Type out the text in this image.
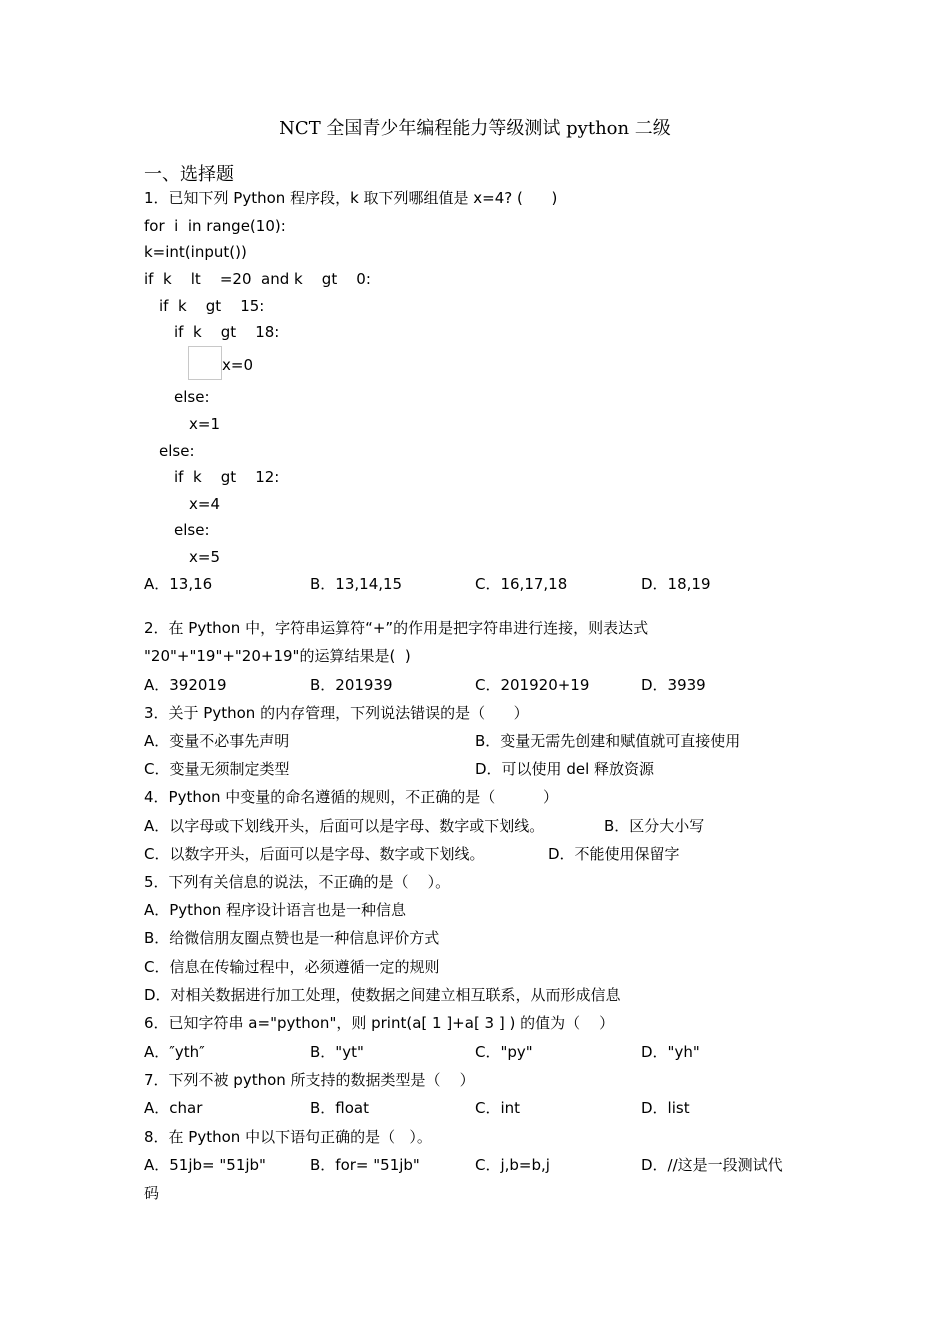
NCT 全国青少年编程能力等级测试 python 二级
一、选择题
1．已知下列 Python 程序段，k 取下列哪组值是 x=4? (      )
for  i  in range(10):
k=int(input())
if  k    lt    =20  and k    gt    0:
if  k    gt    15:
if  k    gt    18:
x=0
else:
x=1
else:
if  k    gt    12:
x=4
else:
x=5
A．13,16	B．13,14,15	C．16,17,18	D．18,19
2．在 Python 中，字符串运算符“+”的作用是把字符串进行连接，则表达式
"20"+"19"+"20+19"的运算结果是(  )
A．392019	B．201939	C．201920+19	D．3939
3．关于 Python 的内存管理，下列说法错误的是（      ）
A．变量不必事先声明	B．变量无需先创建和赋值就可直接使用
C．变量无须制定类型	D．可以使用 del 释放资源
4．Python 中变量的命名遵循的规则，不正确的是（          ）
A．以字母或下划线开头，后面可以是字母、数字或下划线。	B．区分大小写
C．以数字开头，后面可以是字母、数字或下划线。	D．不能使用保留字
5．下列有关信息的说法，不正确的是（    ）。
A．Python 程序设计语言也是一种信息
B．给微信朋友圈点赞也是一种信息评价方式
C．信息在传输过程中，必须遵循一定的规则
D．对相关数据进行加工处理，使数据之间建立相互联系，从而形成信息
6．已知字符串 a="python"，则 print(a[ 1 ]+a[ 3 ] ) 的值为（    ）
A．″yth″	B．"yt"	C．"py"	D．"yh"
7．下列不被 python 所支持的数据类型是（    ）
A．char	B．float	C．int	D．list
8．在 Python 中以下语句正确的是（   ）。
A．51jb= "51jb"	B．for= "51jb"	C．j,b=b,j	D．//这是一段测试代
码
